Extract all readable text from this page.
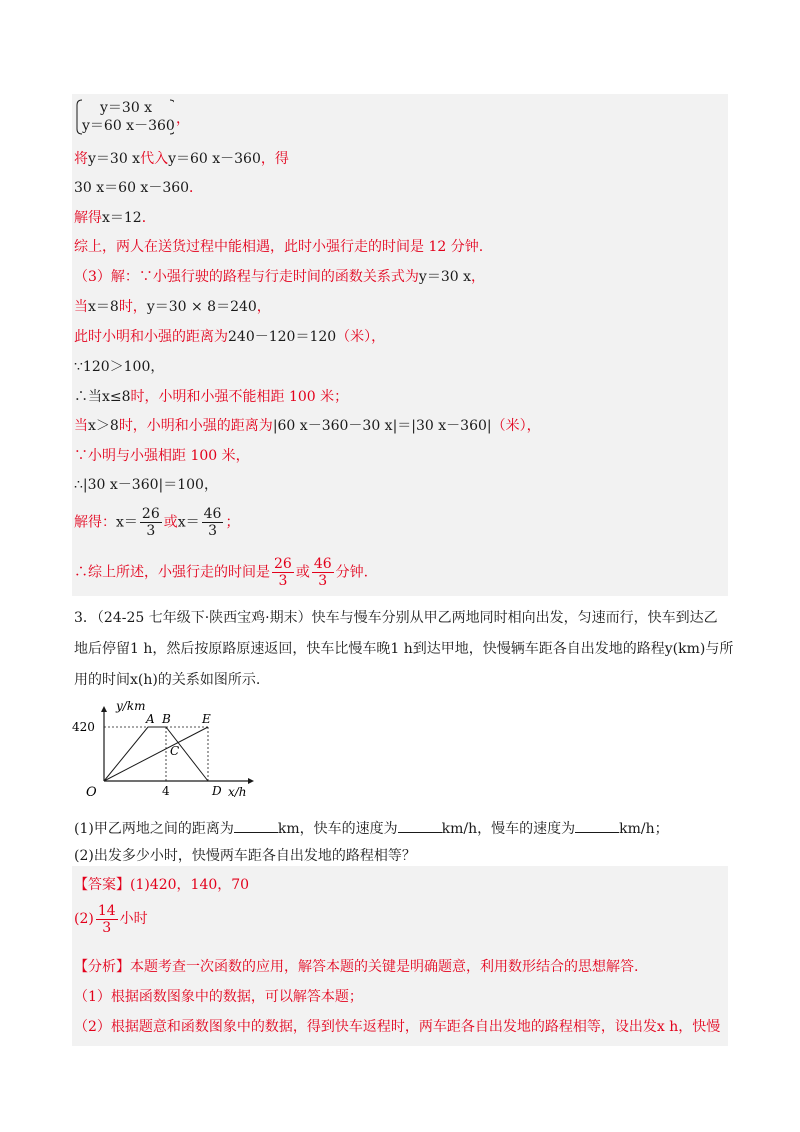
y＝30 x
y＝60 x－360 ，
将y＝30 x代入y＝60 x－360，得
30 x＝60 x－360．
解得x＝12．
综上，两人在送货过程中能相遇，此时小强行走的时间是 12 分钟.
（3）解：∵小强行驶的路程与行走时间的函数关系式为y＝30 x，
当x＝8时，y＝30 × 8＝240，
此时小明和小强的距离为240－120＝120（米），
∵120＞100，
∴当x≤8时，小明和小强不能相距 100 米；
当x＞8时，小明和小强的距离为|60 x－360－30 x|＝|30 x－360|（米），
∵小明与小强相距 100 米，
∴|30 x－360|＝100，
解得：$x= \frac{26}{3}$ 或$x= \frac{46}{3}$ ；
∴综上所述，小强行走的时间是 $\frac{26}{3}$ 或 $\frac{46}{3}$ 分钟.
3．（24-25 七年级下·陕西宝鸡·期末）快车与慢车分别从甲乙两地同时相向出发，匀速而行，快车到达乙
地后停留1 h，然后按原路原速返回，快车比慢车晚1 h到达甲地，快慢辆车距各自出发地的路程y(km)与所
用的时间x(h)的关系如图所示.
y/km
420
4
O
A B
C
D
E
x/h
(1)甲乙两地之间的距离为	km，快车的速度为	km/h，慢车的速度为	km/h；
(2)出发多少小时，快慢两车距各自出发地的路程相等？
【答案】(1)420，140，70
$(2) \frac{14}{3}$ 小时
【分析】本题考查一次函数的应用，解答本题的关键是明确题意，利用数形结合的思想解答.
（1）根据函数图象中的数据，可以解答本题；
（2）根据题意和函数图象中的数据，得到快车返程时，两车距各自出发地的路程相等，设出发x h，快慢
